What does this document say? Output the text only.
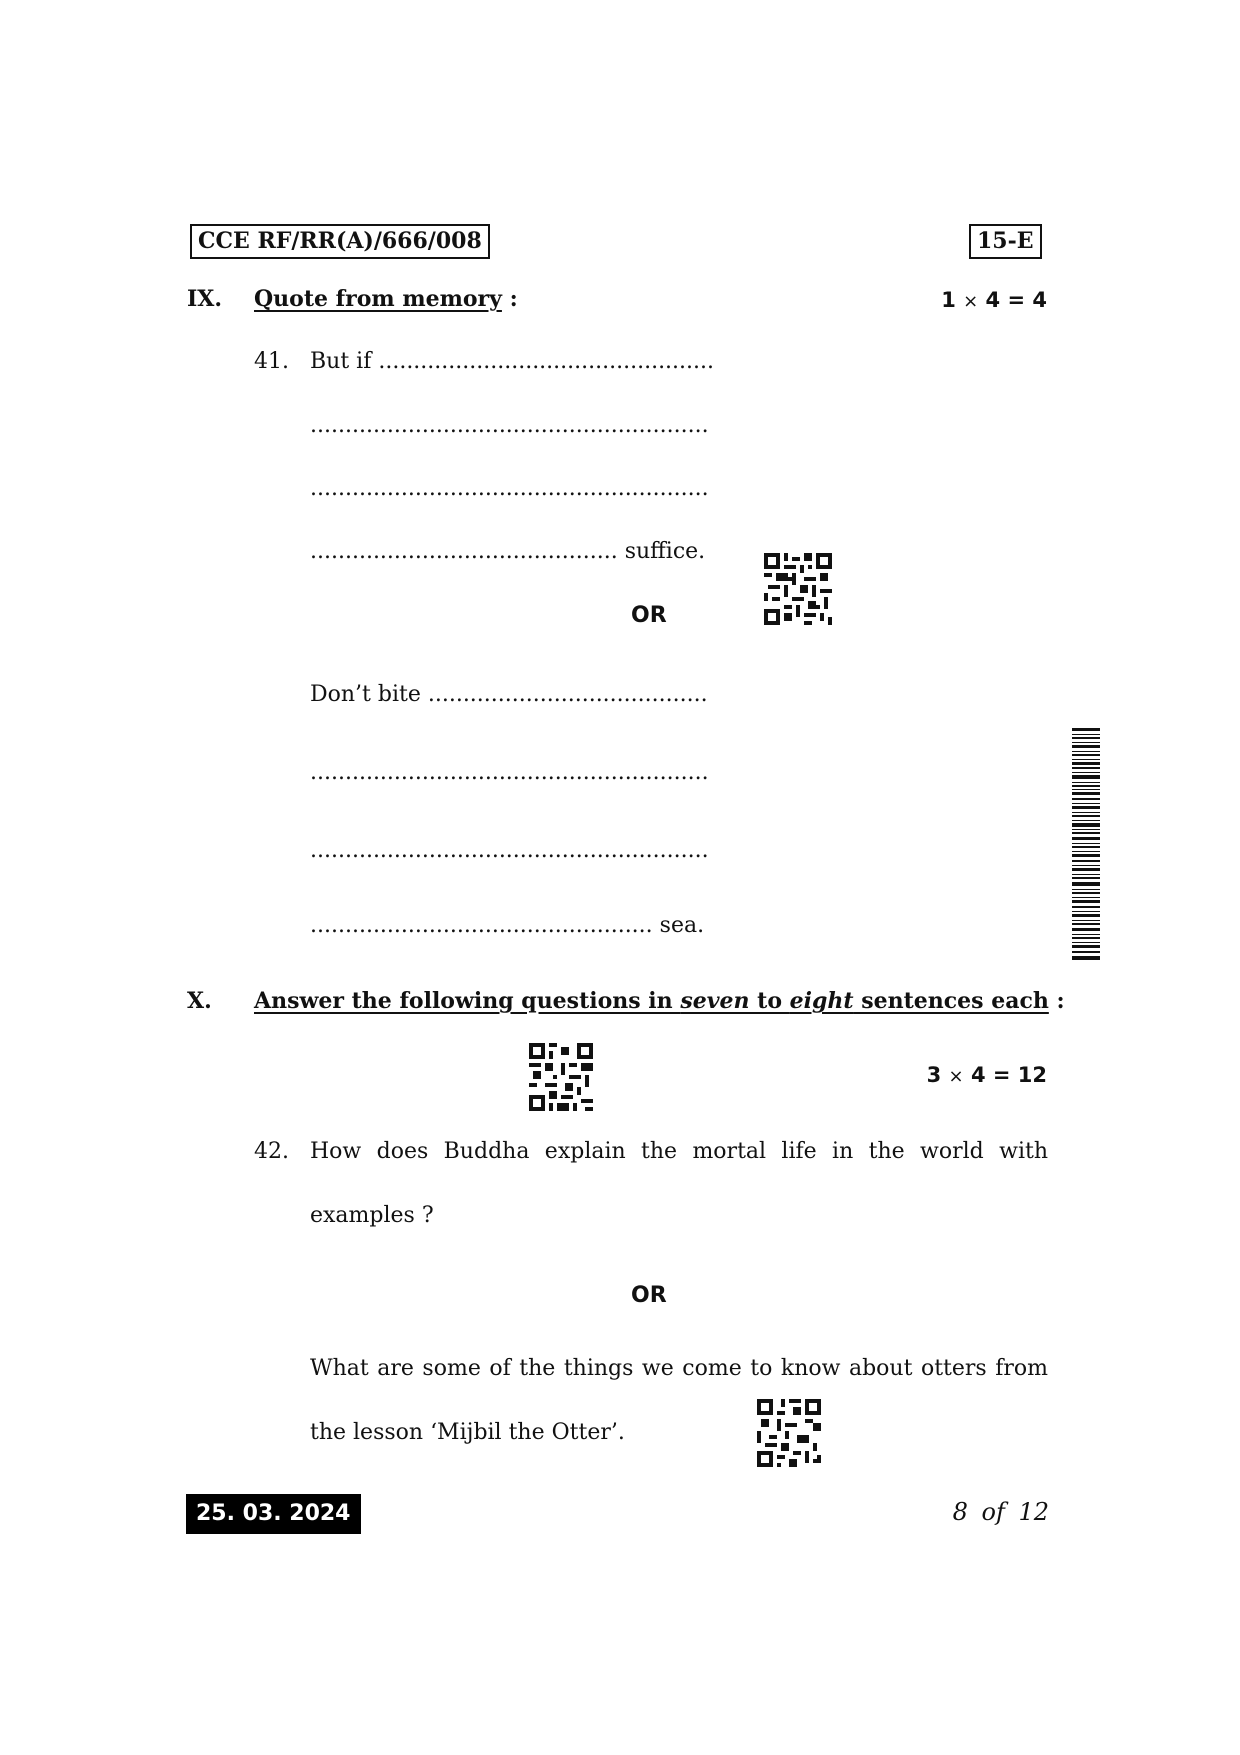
CCE RF/RR(A)/666/008	15-E
IX. Quote from memory :	1 × 4 = 4
41. But if ................................................
.........................................................
.........................................................
............................................ suffice.
OR
Don’t bite ........................................
.........................................................
.........................................................
................................................. sea.
X. Answer the following questions in seven to eight sentences each :
3 × 4 = 12
42. How does Buddha explain the mortal life in the world with
examples ?
OR
What are some of the things we come to know about otters from
the lesson ‘Mijbil the Otter’.
25. 03. 2024	8 of 12
